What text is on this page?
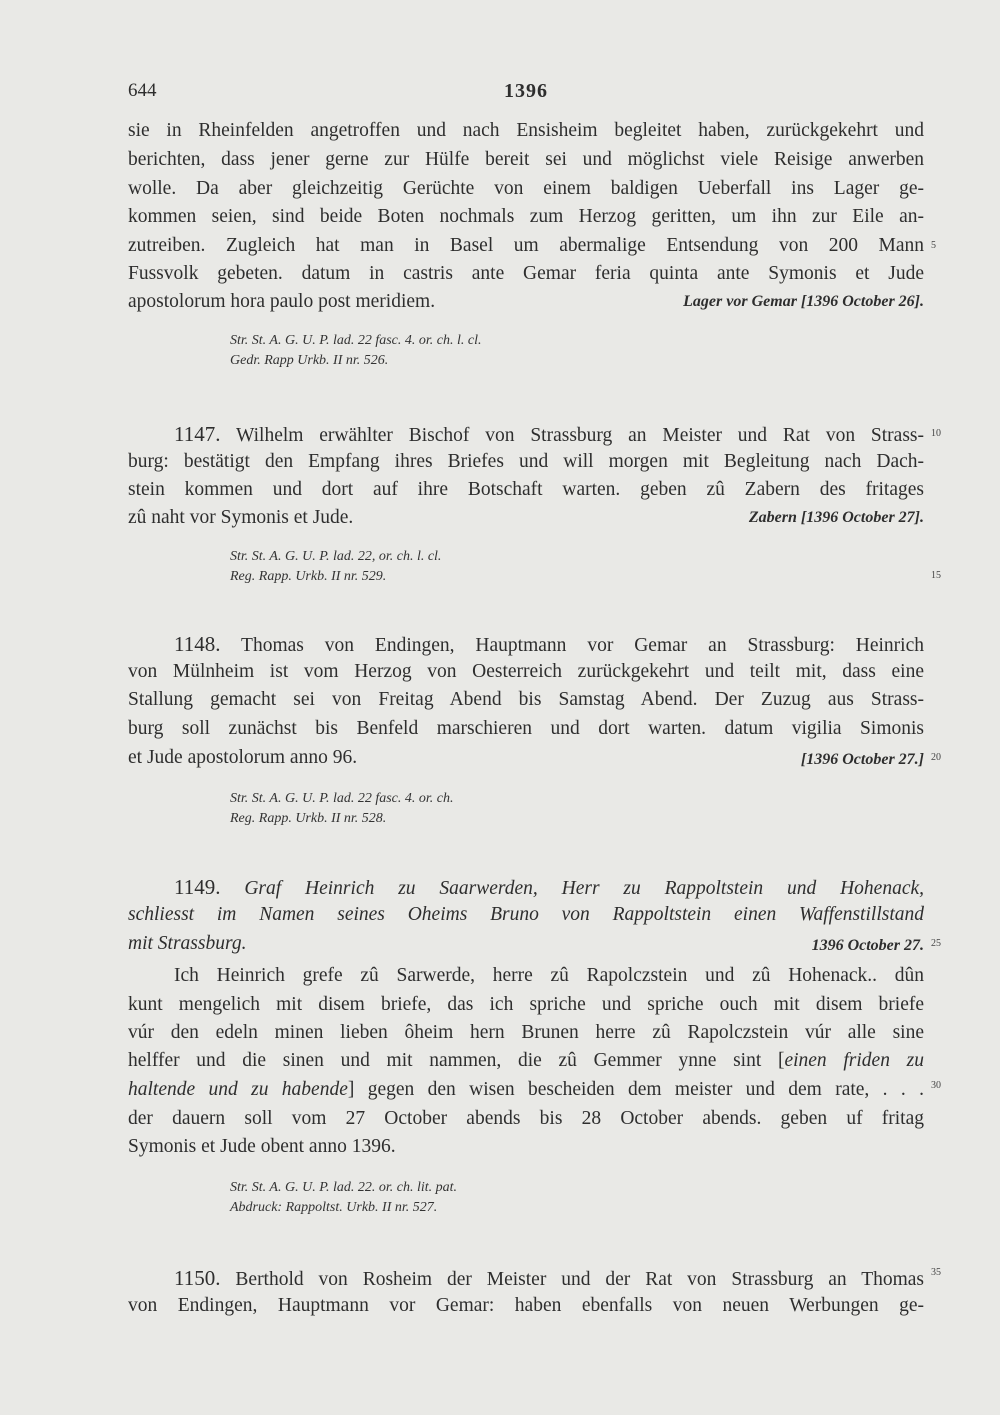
644	1396
sie in Rheinfelden angetroffen und nach Ensisheim begleitet haben, zurückgekehrt und
berichten, dass jener gerne zur Hülfe bereit sei und möglichst viele Reisige anwerben
wolle. Da aber gleichzeitig Gerüchte von einem baldigen Ueberfall ins Lager ge-
kommen seien, sind beide Boten nochmals zum Herzog geritten, um ihn zur Eile an-
zutreiben. Zugleich hat man in Basel um abermalige Entsendung von 200 Mann
Fussvolk gebeten. datum in castris ante Gemar feria quinta ante Symonis et Jude
apostolorum hora paulo post meridiem.	Lager vor Gemar [1396 October 26].
Str. St. A. G. U. P. lad. 22 fasc. 4. or. ch. l. cl.
Gedr. Rapp Urkb. II nr. 526.
1147. Wilhelm erwählter Bischof von Strassburg an Meister und Rat von Strass-
burg: bestätigt den Empfang ihres Briefes und will morgen mit Begleitung nach Dach-
stein kommen und dort auf ihre Botschaft warten. geben zû Zabern des fritages
zû naht vor Symonis et Jude.	Zabern [1396 October 27].
Str. St. A. G. U. P. lad. 22, or. ch. l. cl.
Reg. Rapp. Urkb. II nr. 529.
1148. Thomas von Endingen, Hauptmann vor Gemar an Strassburg: Heinrich
von Mülnheim ist vom Herzog von Oesterreich zurückgekehrt und teilt mit, dass eine
Stallung gemacht sei von Freitag Abend bis Samstag Abend. Der Zuzug aus Strass-
burg soll zunächst bis Benfeld marschieren und dort warten. datum vigilia Simonis
et Jude apostolorum anno 96.	[1396 October 27.]
Str. St. A. G. U. P. lad. 22 fasc. 4. or. ch.
Reg. Rapp. Urkb. II nr. 528.
1149. Graf Heinrich zu Saarwerden, Herr zu Rappoltstein und Hohenack,
schliesst im Namen seines Oheims Bruno von Rappoltstein einen Waffenstillstand
mit Strassburg.	1396 October 27.
Ich Heinrich grefe zû Sarwerde, herre zû Rapolczstein und zû Hohenack.. dûn
kunt mengelich mit disem briefe, das ich spriche und spriche ouch mit disem briefe
vúr den edeln minen lieben ôheim hern Brunen herre zû Rapolczstein vúr alle sine
helffer und die sinen und mit nammen, die zû Gemmer ynne sint [einen friden zu
haltende und zu habende] gegen den wisen bescheiden dem meister und dem rate, . . .
der dauern soll vom 27 October abends bis 28 October abends. geben uf fritag
Symonis et Jude obent anno 1396.
Str. St. A. G. U. P. lad. 22. or. ch. lit. pat.
Abdruck: Rappoltst. Urkb. II nr. 527.
1150. Berthold von Rosheim der Meister und der Rat von Strassburg an Thomas
von Endingen, Hauptmann vor Gemar: haben ebenfalls von neuen Werbungen ge-
5
10
15
20
25
30
35
